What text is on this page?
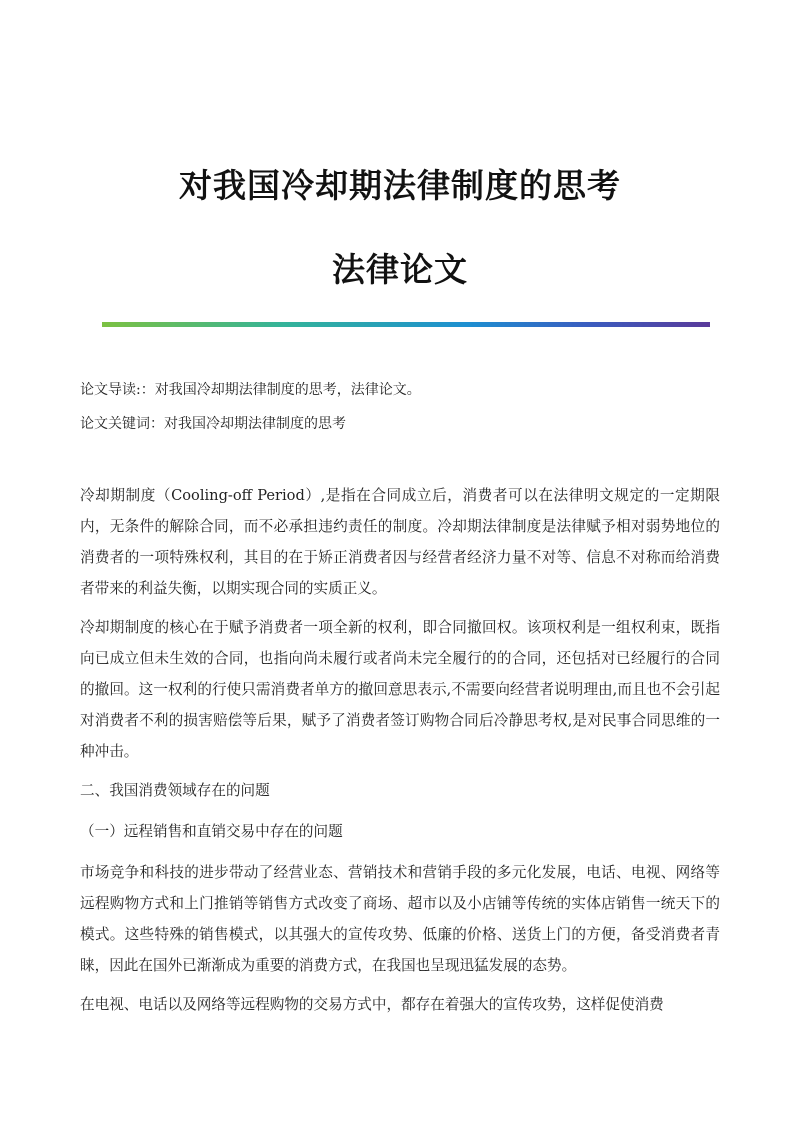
对我国冷却期法律制度的思考
法律论文
论文导读:：对我国冷却期法律制度的思考，法律论文。
论文关键词：对我国冷却期法律制度的思考

冷却期制度（Cooling-off Period）,是指在合同成立后，消费者可以在法律明文规定的一定期限内，无条件的解除合同，而不必承担违约责任的制度。冷却期法律制度是法律赋予相对弱势地位的消费者的一项特殊权利，其目的在于矫正消费者因与经营者经济力量不对等、信息不对称而给消费者带来的利益失衡，以期实现合同的实质正义。

冷却期制度的核心在于赋予消费者一项全新的权利，即合同撤回权。该项权利是一组权利束，既指向已成立但未生效的合同，也指向尚未履行或者尚未完全履行的的合同，还包括对已经履行的合同的撤回。这一权利的行使只需消费者单方的撤回意思表示,不需要向经营者说明理由,而且也不会引起对消费者不利的损害赔偿等后果，赋予了消费者签订购物合同后冷静思考权,是对民事合同思维的一种冲击。

二、我国消费领域存在的问题

（一）远程销售和直销交易中存在的问题

市场竞争和科技的进步带动了经营业态、营销技术和营销手段的多元化发展，电话、电视、网络等远程购物方式和上门推销等销售方式改变了商场、超市以及小店铺等传统的实体店销售一统天下的模式。这些特殊的销售模式，以其强大的宣传攻势、低廉的价格、送货上门的方便，备受消费者青睐，因此在国外已渐渐成为重要的消费方式，在我国也呈现迅猛发展的态势。

在电视、电话以及网络等远程购物的交易方式中，都存在着强大的宣传攻势，这样促使消费
